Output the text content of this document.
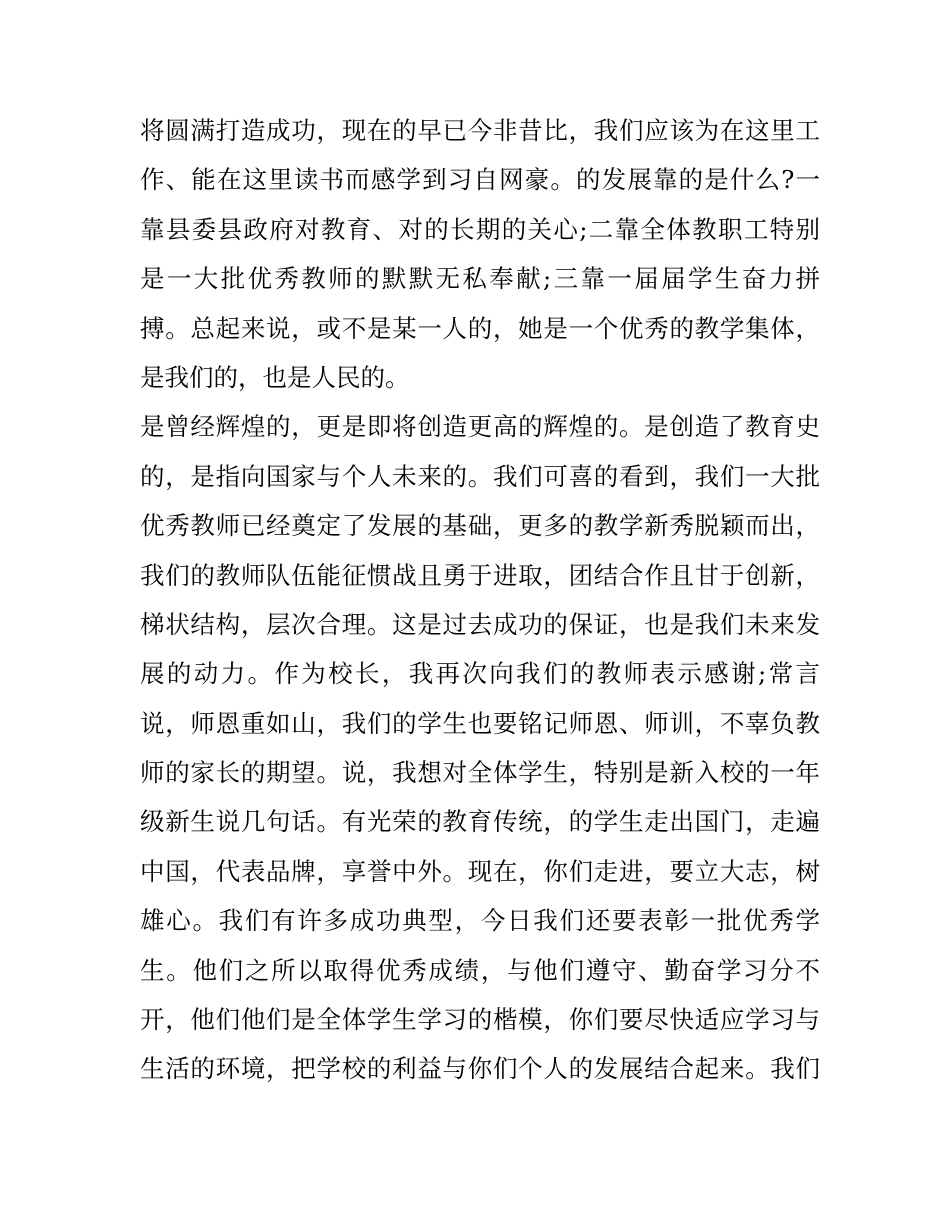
将圆满打造成功，现在的早已今非昔比，我们应该为在这里工
作、能在这里读书而感学到习自网豪。的发展靠的是什么?一
靠县委县政府对教育、对的长期的关心;二靠全体教职工特别
是一大批优秀教师的默默无私奉献;三靠一届届学生奋力拼
搏。总起来说，或不是某一人的，她是一个优秀的教学集体，
是我们的，也是人民的。
是曾经辉煌的，更是即将创造更高的辉煌的。是创造了教育史
的，是指向国家与个人未来的。我们可喜的看到，我们一大批
优秀教师已经奠定了发展的基础，更多的教学新秀脱颖而出，
我们的教师队伍能征惯战且勇于进取，团结合作且甘于创新，
梯状结构，层次合理。这是过去成功的保证，也是我们未来发
展的动力。作为校长，我再次向我们的教师表示感谢;常言
说，师恩重如山，我们的学生也要铭记师恩、师训，不辜负教
师的家长的期望。说，我想对全体学生，特别是新入校的一年
级新生说几句话。有光荣的教育传统，的学生走出国门，走遍
中国，代表品牌，享誉中外。现在，你们走进，要立大志，树
雄心。我们有许多成功典型，今日我们还要表彰一批优秀学
生。他们之所以取得优秀成绩，与他们遵守、勤奋学习分不
开，他们他们是全体学生学习的楷模，你们要尽快适应学习与
生活的环境，把学校的利益与你们个人的发展结合起来。我们
